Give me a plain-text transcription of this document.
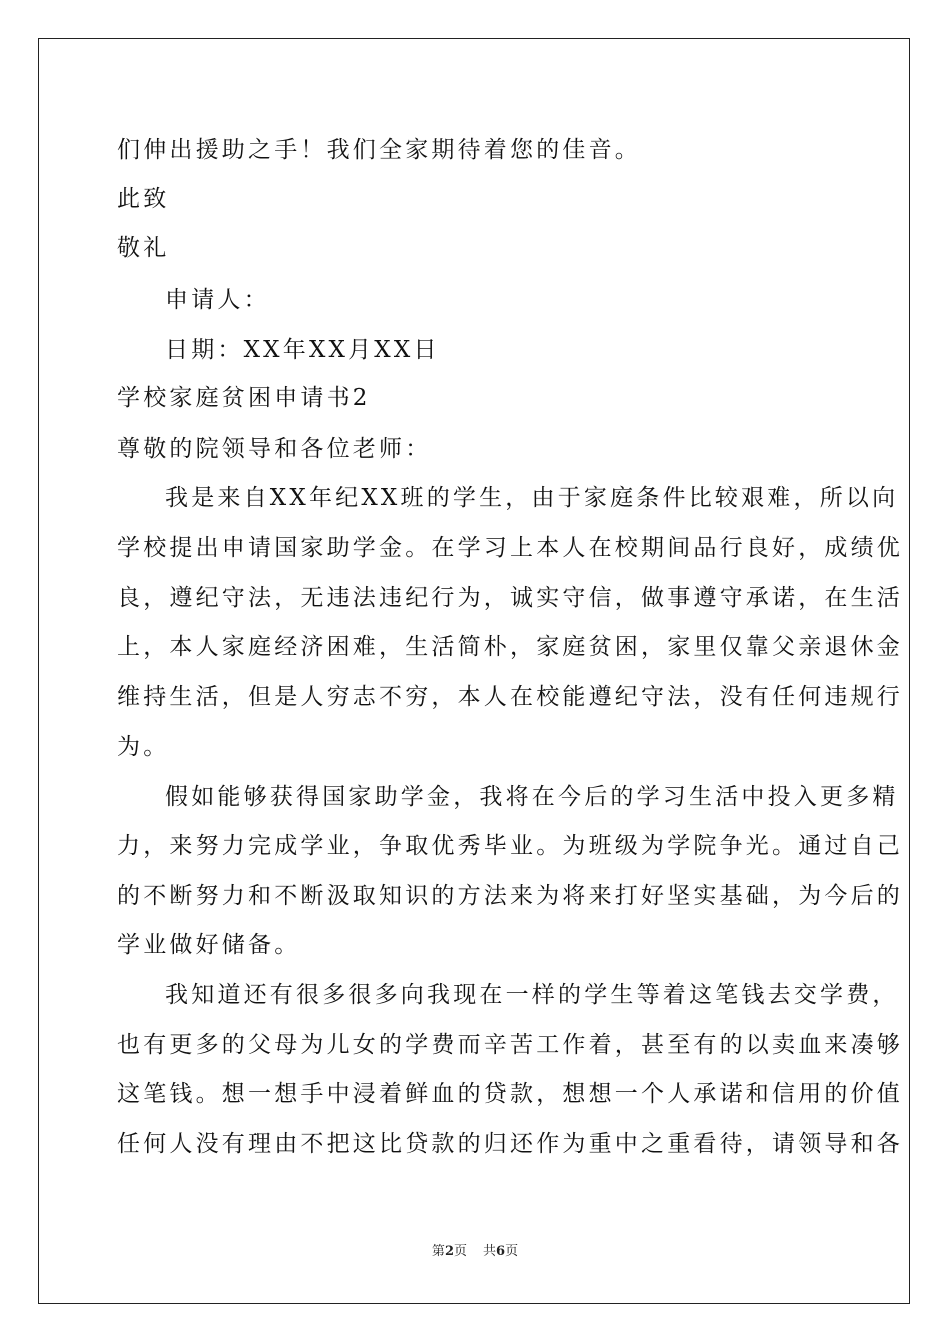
们伸出援助之手！我们全家期待着您的佳音。
此致
敬礼
申请人：
日期：XX年XX月XX日
学校家庭贫困申请书2
尊敬的院领导和各位老师：
我是来自XX年纪XX班的学生，由于家庭条件比较艰难，所以向
学校提出申请国家助学金。在学习上本人在校期间品行良好，成绩优
良，遵纪守法，无违法违纪行为，诚实守信，做事遵守承诺，在生活
上，本人家庭经济困难，生活简朴，家庭贫困，家里仅靠父亲退休金
维持生活，但是人穷志不穷，本人在校能遵纪守法，没有任何违规行
为。
假如能够获得国家助学金，我将在今后的学习生活中投入更多精
力，来努力完成学业，争取优秀毕业。为班级为学院争光。通过自己
的不断努力和不断汲取知识的方法来为将来打好坚实基础，为今后的
学业做好储备。
我知道还有很多很多向我现在一样的学生等着这笔钱去交学费，
也有更多的父母为儿女的学费而辛苦工作着，甚至有的以卖血来凑够
这笔钱。想一想手中浸着鲜血的贷款，想想一个人承诺和信用的价值
任何人没有理由不把这比贷款的归还作为重中之重看待，请领导和各
第2页 共6页
